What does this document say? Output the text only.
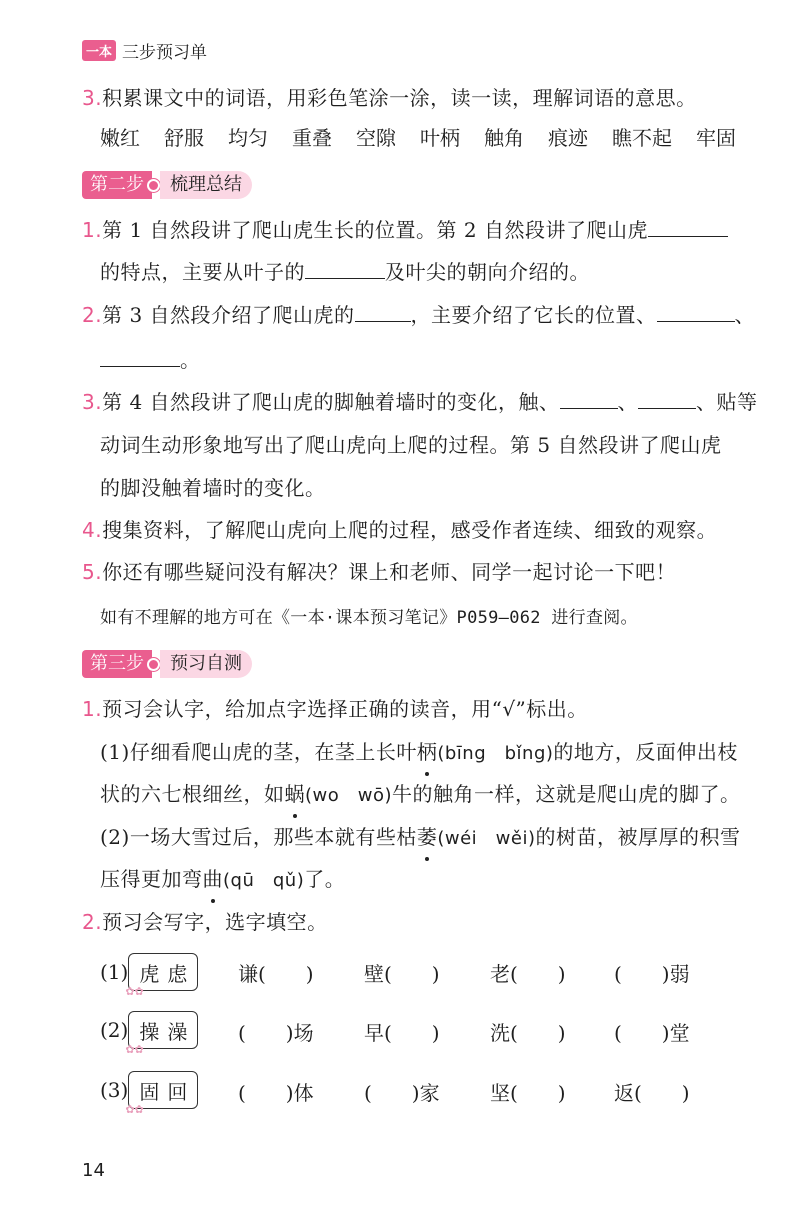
一本 三步预习单
3.积累课文中的词语，用彩色笔涂一涂，读一读，理解词语的意思。
嫩红	舒服	均匀	重叠	空隙	叶柄	触角	痕迹	瞧不起	牢固
第二步	梳理总结
1.第 1 自然段讲了爬山虎生长的位置。第 2 自然段讲了爬山虎
的特点，主要从叶子的	及叶尖的朝向介绍的。
2.第 3 自然段介绍了爬山虎的	，主要介绍了它长的位置、	、
。
3.第 4 自然段讲了爬山虎的脚触着墙时的变化，触、	、	、贴等
动词生动形象地写出了爬山虎向上爬的过程。第 5 自然段讲了爬山虎
的脚没触着墙时的变化。
4.搜集资料，了解爬山虎向上爬的过程，感受作者连续、细致的观察。
5.你还有哪些疑问没有解决？课上和老师、同学一起讨论一下吧！
如有不理解的地方可在《一本·课本预习笔记》P059—062 进行查阅。
第三步	预习自测
1.预习会认字，给加点字选择正确的读音，用“√”标出。
(1)仔细看爬山虎的茎，在茎上长叶柄(bīng　bǐng)的地方，反面伸出枝
状的六七根细丝，如蜗(wo　wō)牛的触角一样，这就是爬山虎的脚了。
(2)一场大雪过后，那些本就有些枯萎(wéi　wěi)的树苗，被厚厚的积雪
压得更加弯曲(qū　qǔ)了。
2.预习会写字，选字填空。
(1) 虎 虑
✿✿
谦(　　)	壁(　　)	老(　　) (　　)弱
(2) 操 澡
✿✿
(　　)场	早(　　)	洗(　　) (　　)堂
(3) 固 回
✿✿
(　　)体	(　　)家	坚(　　) 返(　　)
14
